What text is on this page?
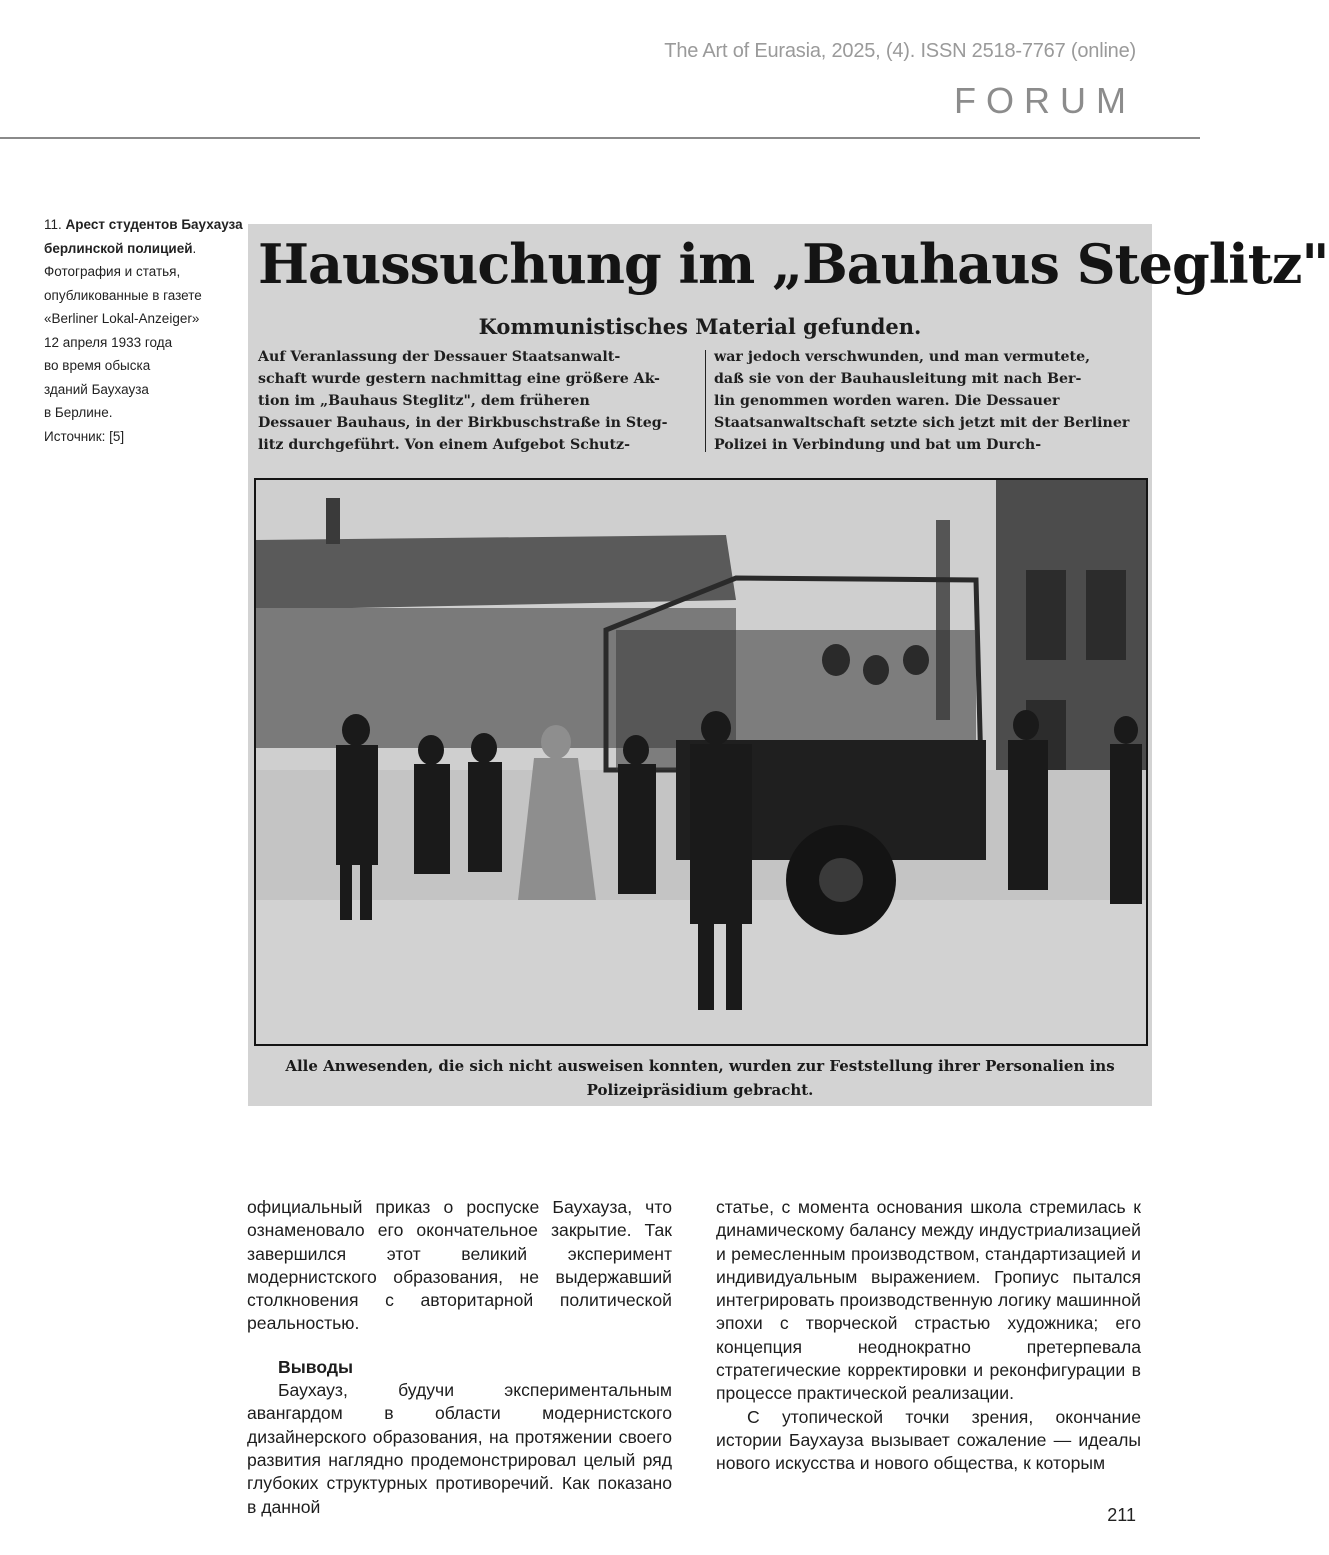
The Art of Eurasia, 2025, (4). ISSN 2518-7767 (online)
FORUM
11. Арест студентов Баухауза берлинской полицией.
Фотография и статья,
опубликованные в газете
«Berliner Lokal-Anzeiger»
12 апреля 1933 года
во время обыска
зданий Баухауза
в Берлине.
Источник: [5]
Haussuchung im „Bauhaus Steglitz"
Kommunistisches Material gefunden.
Auf Veranlassung der Dessauer Staatsanwalt-
schaft wurde gestern nachmittag eine größere Ak-
tion im „Bauhaus Steglitz", dem früheren
Dessauer Bauhaus, in der Birkbuschstraße in Steg-
litz durchgeführt. Von einem Aufgebot Schutz-
war jedoch verschwunden, und man vermutete,
daß sie von der Bauhausleitung mit nach Ber-
lin genommen worden waren. Die Dessauer
Staatsanwaltschaft setzte sich jetzt mit der Berliner
Polizei in Verbindung und bat um Durch-
Alle Anwesenden, die sich nicht ausweisen konnten, wurden zur Feststellung ihrer Personalien ins Polizeipräsidium gebracht.

официальный приказ о роспуске Баухауза, что ознаменовало его окончательное закрытие. Так завершился этот великий эксперимент модернистского образования, не выдержавший столкновения с авторитарной политической реальностью.

Выводы

Баухауз, будучи экспериментальным авангардом в области модернистского дизайнерского образования, на протяжении своего развития наглядно продемонстрировал целый ряд глубоких структурных противоречий. Как показано в данной

статье, с момента основания школа стремилась к динамическому балансу между индустриализацией и ремесленным производством, стандартизацией и индивидуальным выражением. Гропиус пытался интегрировать производственную логику машинной эпохи с творческой страстью художника; его концепция неоднократно претерпевала стратегические корректировки и реконфигурации в процессе практической реализации.

С утопической точки зрения, окончание истории Баухауза вызывает сожаление — идеалы нового искусства и нового общества, к которым

211
